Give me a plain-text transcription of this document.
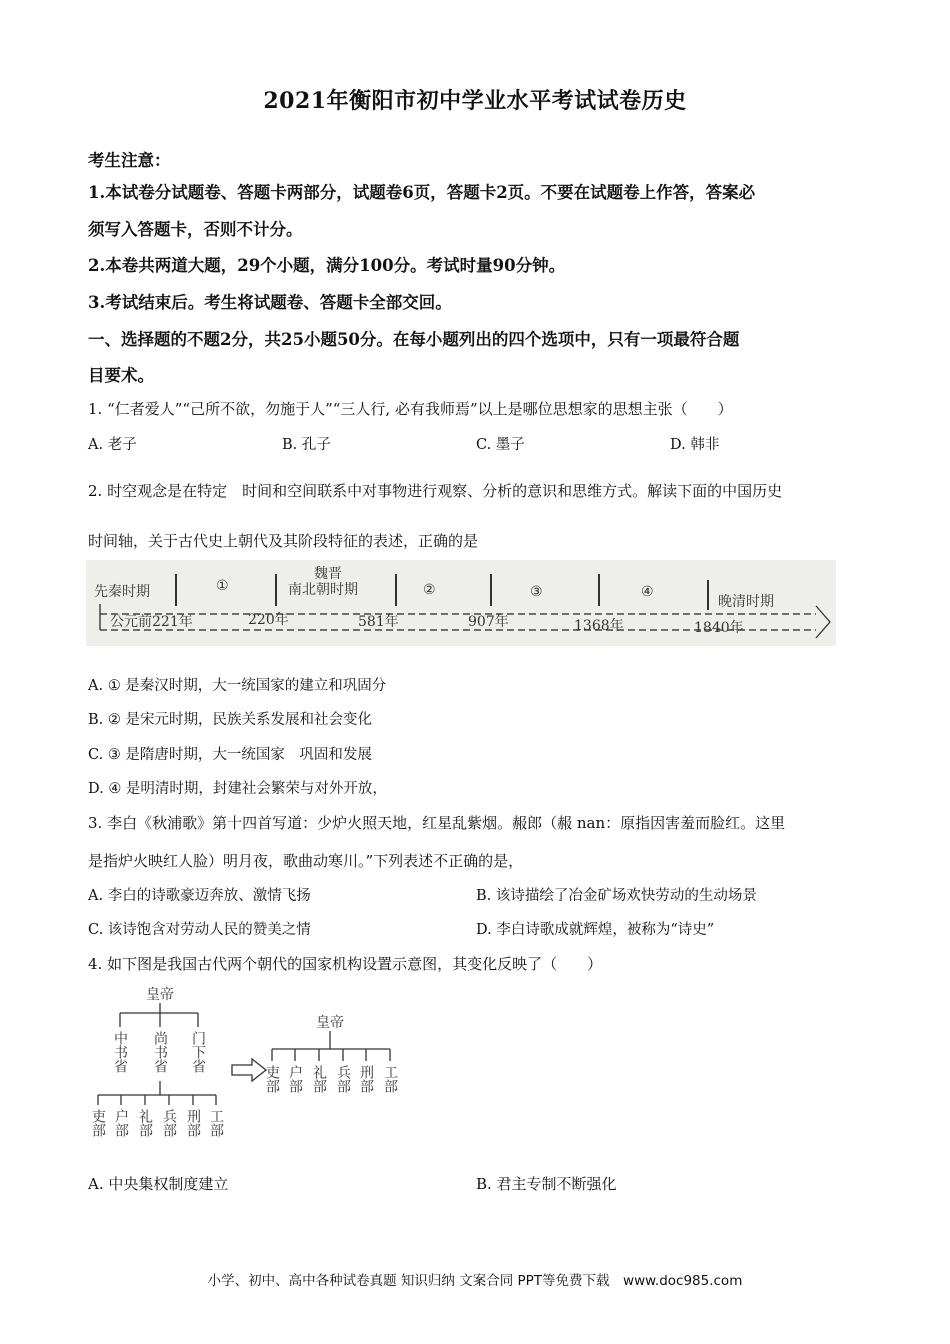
2021年衡阳市初中学业水平考试试卷历史
考生注意：
1.本试卷分试题卷、答题卡两部分，试题卷6页，答题卡2页。不要在试题卷上作答，答案必
须写入答题卡，否则不计分。
2.本卷共两道大题，29个小题，满分100分。考试时量90分钟。
3.考试结束后。考生将试题卷、答题卡全部交回。
一、选择题的不题2分，共25小题50分。在每小题列出的四个选项中，只有一项最符合题
目要术。
1. “仁者爱人”“己所不欲，勿施于人”“三人行, 必有我师焉”以上是哪位思想家的思想主张（　　）
A. 老子	B. 孔子	C. 墨子	D. 韩非
2. 时空观念是在特定　时间和空间联系中对事物进行观察、分析的意识和思维方式。解读下面的中国历史
时间轴，关于古代史上朝代及其阶段特征的表述，正确的是
先秦时期	①
魏晋
南北朝时期	②	③	④
晚清时期
公元前221年	220年	581年	907年	1368年	1840年
A. ① 是秦汉时期，大一统国家的建立和巩固分
B. ② 是宋元时期，民族关系发展和社会变化
C. ③ 是隋唐时期，大一统国家　巩固和发展
D. ④ 是明清时期，封建社会繁荣与对外开放，
3. 李白《秋浦歌》第十四首写道：少炉火照天地，红星乱紫烟。赧郎（赧 nan：原指因害羞而脸红。这里
是指炉火映红人脸）明月夜，歌曲动寒川。”下列表述不正确的是，
A. 李白的诗歌豪迈奔放、激情飞扬	B. 该诗描绘了冶金矿场欢快劳动的生动场景
C. 该诗饱含对劳动人民的赞美之情	D. 李白诗歌成就辉煌，被称为“诗史”
4. 如下图是我国古代两个朝代的国家机构设置示意图，其变化反映了（　　）
皇帝
中书省 尚书省 门下省
吏部 户部 礼部 兵部 刑部 工部
皇帝
吏部 户部 礼部 兵部 刑部 工部
A. 中央集权制度建立	B. 君主专制不断强化
小学、初中、高中各种试卷真题 知识归纳 文案合同 PPT等免费下载　www.doc985.com
